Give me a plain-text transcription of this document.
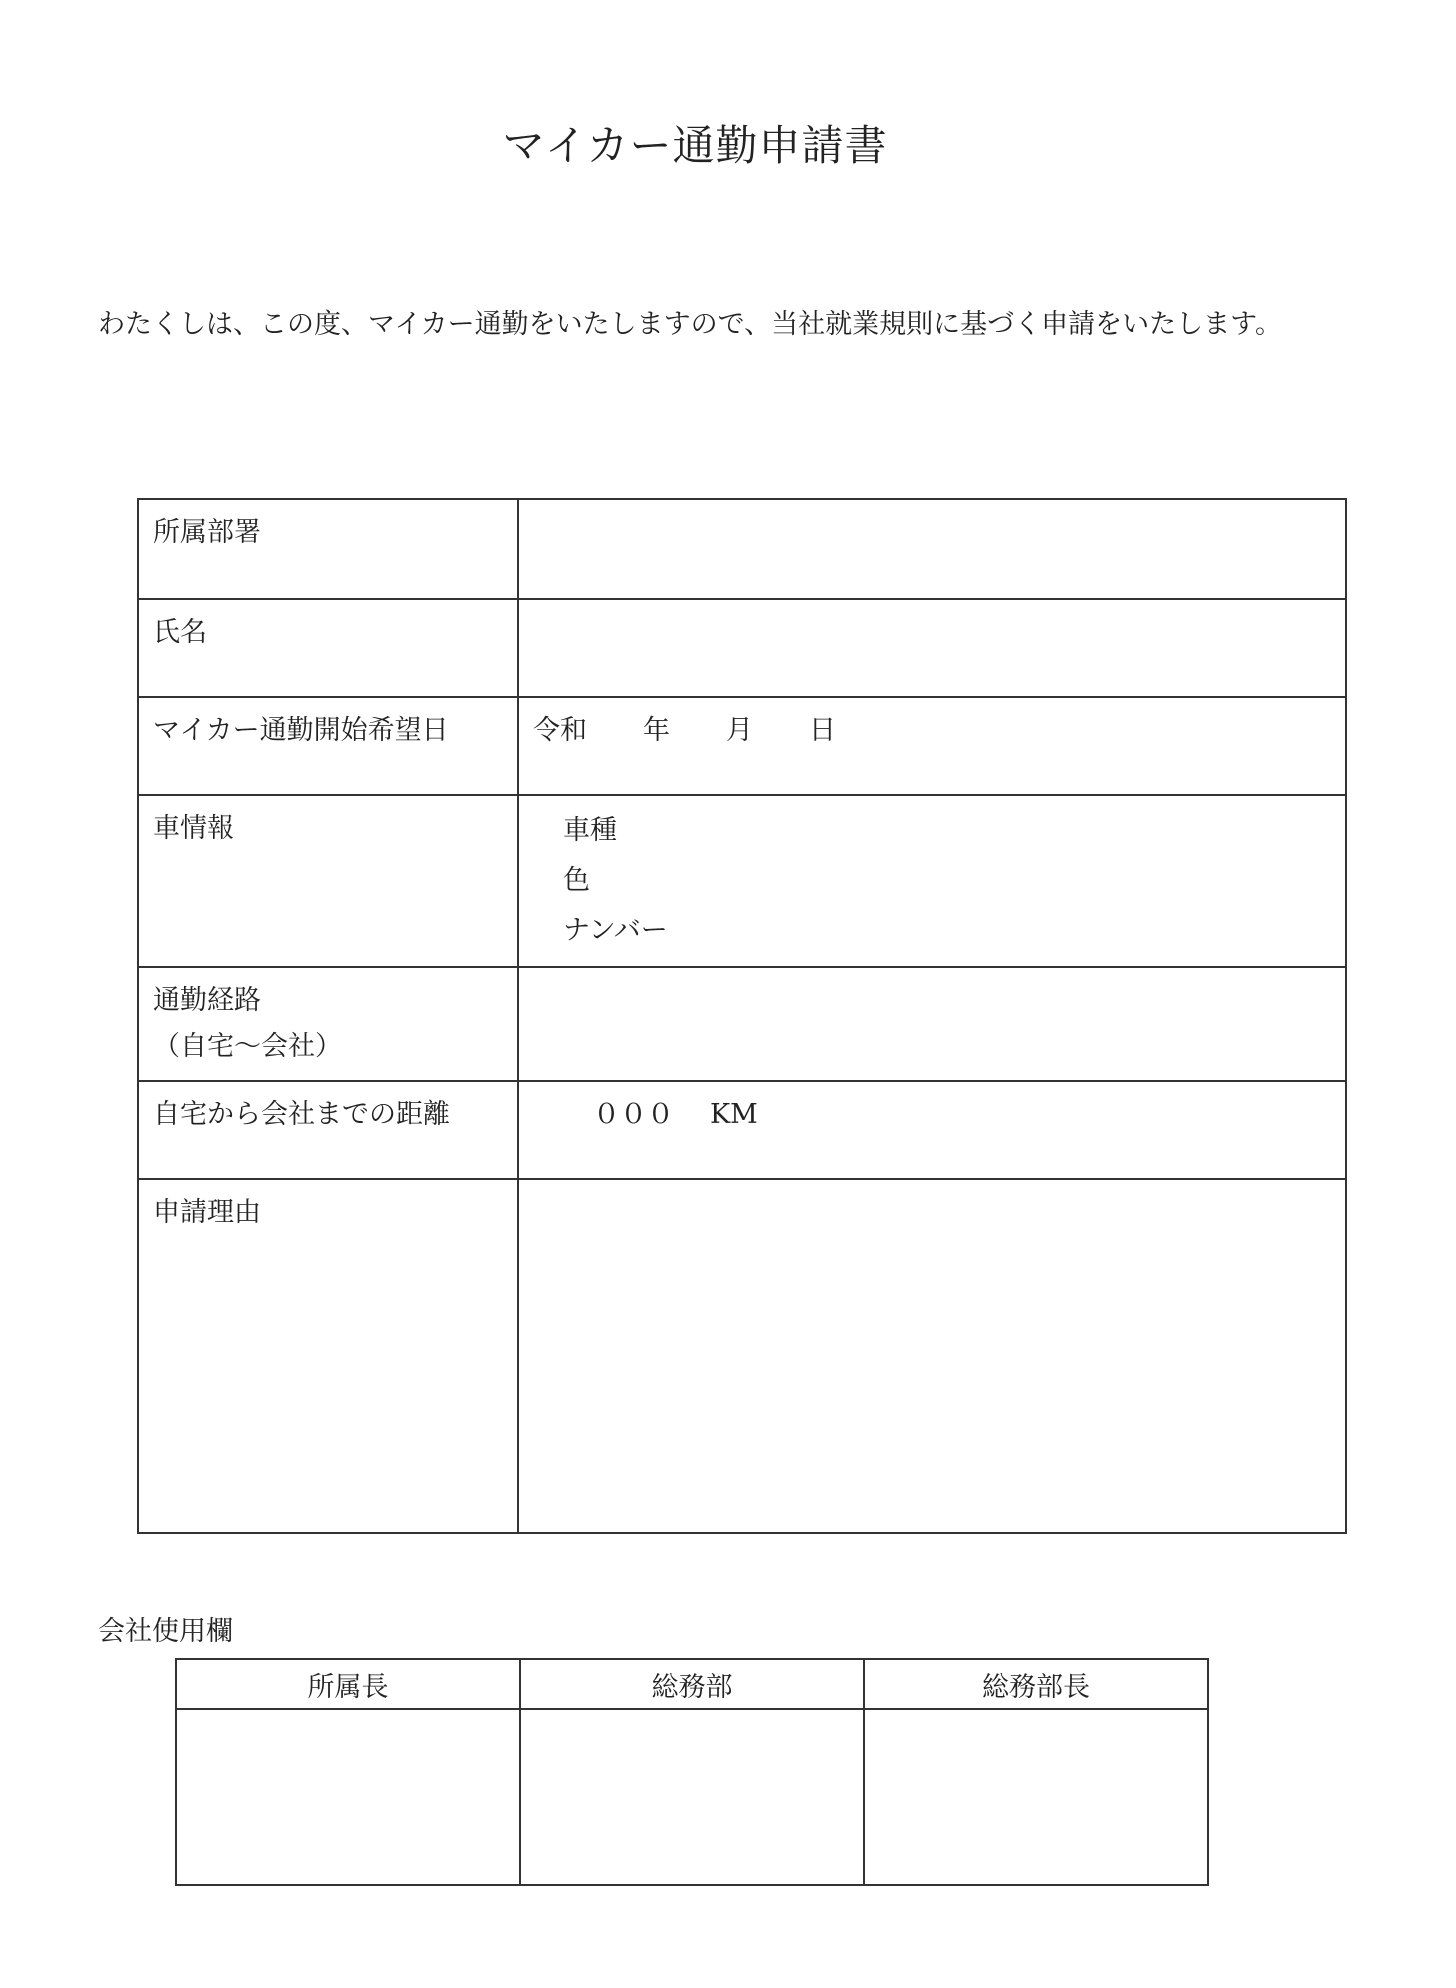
マイカー通勤申請書
わたくしは、この度、マイカー通勤をいたしますので、当社就業規則に基づく申請をいたします。
所属部署	
氏名	
マイカー通勤開始希望日	令和 年 月 日
車情報	車種
色
ナンバー

通勤経路
（自宅～会社）	

自宅から会社までの距離	０００ KM
申請理由	
会社使用欄
所属長	総務部	総務部長
